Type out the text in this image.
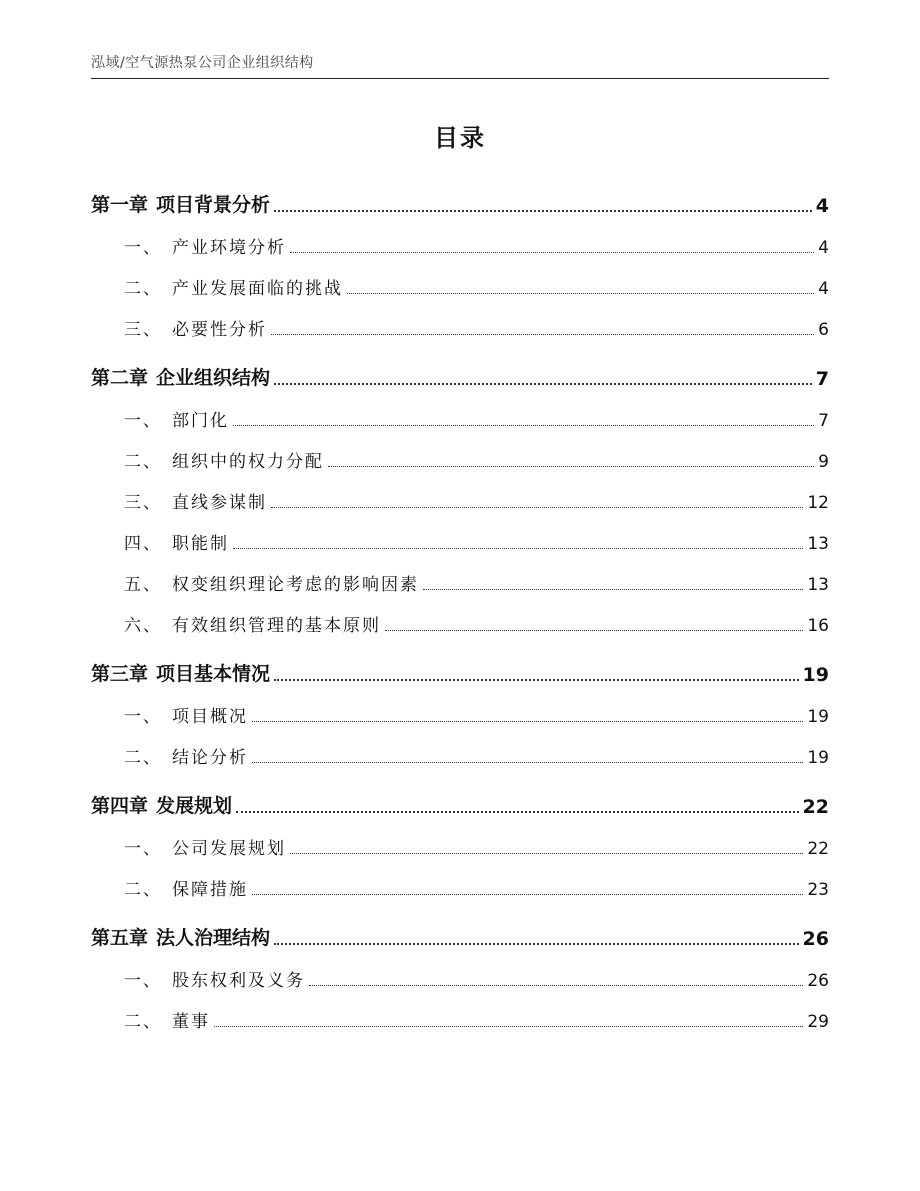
泓域/空气源热泵公司企业组织结构
目录
第一章 项目背景分析	4
一、 产业环境分析	4
二、 产业发展面临的挑战	4
三、 必要性分析	6
第二章 企业组织结构	7
一、 部门化	7
二、 组织中的权力分配	9
三、 直线参谋制	12
四、 职能制	13
五、 权变组织理论考虑的影响因素	13
六、 有效组织管理的基本原则	16
第三章 项目基本情况	19
一、 项目概况	19
二、 结论分析	19
第四章 发展规划	22
一、 公司发展规划	22
二、 保障措施	23
第五章 法人治理结构	26
一、 股东权利及义务	26
二、 董事	29
